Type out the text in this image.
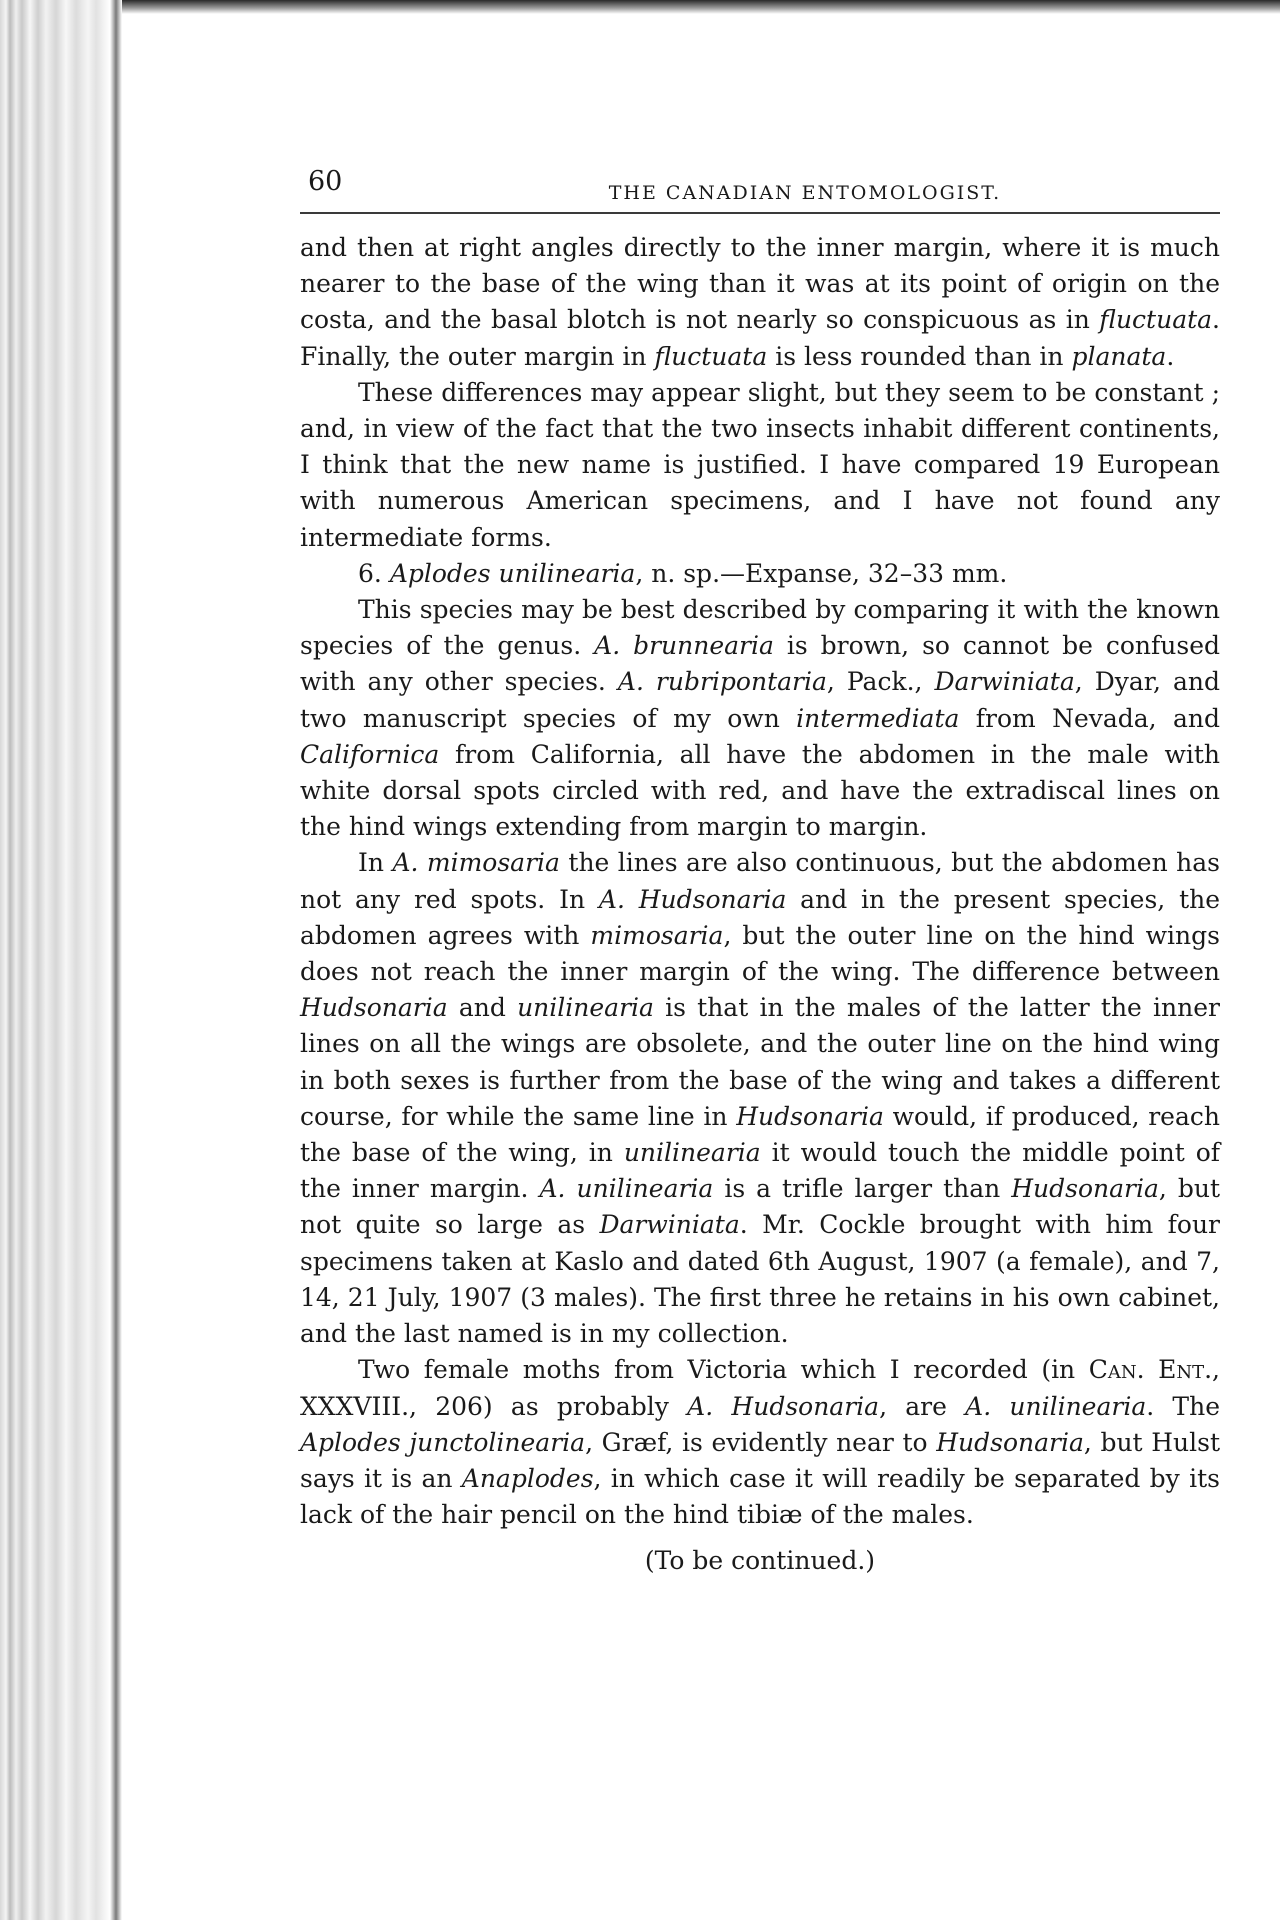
60	THE CANADIAN ENTOMOLOGIST.

and then at right angles directly to the inner margin, where it is much nearer to the base of the wing than it was at its point of origin on the costa, and the basal blotch is not nearly so conspicuous as in fluctuata. Finally, the outer margin in fluctuata is less rounded than in planata.

These differences may appear slight, but they seem to be constant ; and, in view of the fact that the two insects inhabit different continents, I think that the new name is justified. I have compared 19 European with numerous American specimens, and I have not found any intermediate forms.

6. Aplodes unilinearia, n. sp.—Expanse, 32–33 mm.

This species may be best described by comparing it with the known species of the genus. A. brunnearia is brown, so cannot be confused with any other species. A. rubripontaria, Pack., Darwiniata, Dyar, and two manuscript species of my own intermediata from Nevada, and Californica from California, all have the abdomen in the male with white dorsal spots circled with red, and have the extradiscal lines on the hind wings extending from margin to margin.

In A. mimosaria the lines are also continuous, but the abdomen has not any red spots. In A. Hudsonaria and in the present species, the abdomen agrees with mimosaria, but the outer line on the hind wings does not reach the inner margin of the wing. The difference between Hudsonaria and unilinearia is that in the males of the latter the inner lines on all the wings are obsolete, and the outer line on the hind wing in both sexes is further from the base of the wing and takes a different course, for while the same line in Hudsonaria would, if produced, reach the base of the wing, in unilinearia it would touch the middle point of the inner margin. A. unilinearia is a trifle larger than Hudsonaria, but not quite so large as Darwiniata. Mr. Cockle brought with him four specimens taken at Kaslo and dated 6th August, 1907 (a female), and 7, 14, 21 July, 1907 (3 males). The first three he retains in his own cabinet, and the last named is in my collection.

Two female moths from Victoria which I recorded (in Can. Ent., XXXVIII., 206) as probably A. Hudsonaria, are A. unilinearia. The Aplodes junctolinearia, Græf, is evidently near to Hudsonaria, but Hulst says it is an Anaplodes, in which case it will readily be separated by its lack of the hair pencil on the hind tibiæ of the males.

(To be continued.)
